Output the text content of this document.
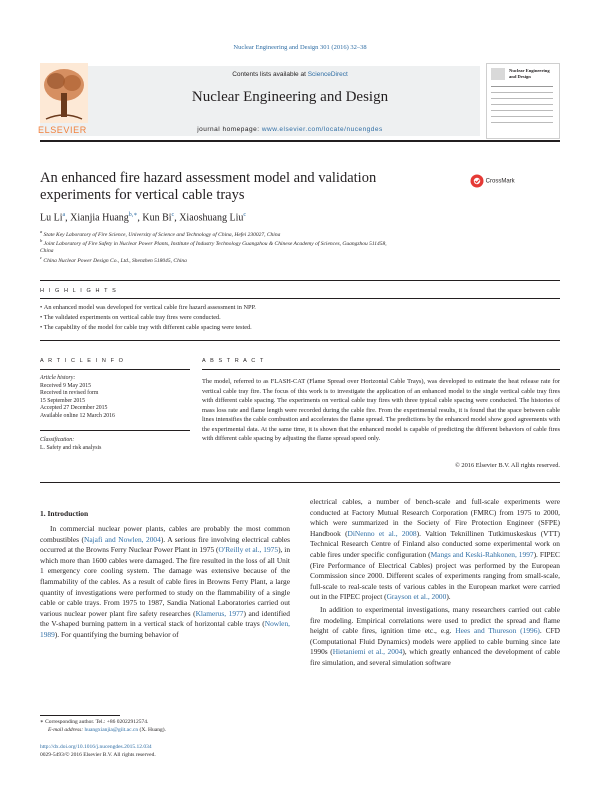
Nuclear Engineering and Design 301 (2016) 32–38
ELSEVIER
Contents lists available at ScienceDirect
Nuclear Engineering and Design
journal homepage: www.elsevier.com/locate/nucengdes
Nuclear Engineering and Design
An enhanced fire hazard assessment model and validation
experiments for vertical cable trays
CrossMark
Lu Li$^a$, Xianjia Huang$^{b,∗}$, Kun Bi$^c$, Xiaoshuang Liu$^c$
$^a$ State Key Laboratory of Fire Science, University of Science and Technology of China, Hefei 230027, China
$^b$ Joint Laboratory of Fire Safety in Nuclear Power Plants, Institute of Industry Technology Guangzhou & Chinese Academy of Sciences, Guangzhou 511458,
China
$^c$ China Nuclear Power Design Co., Ltd., Shenzhen 518045, China
H I G H L I G H T S
• An enhanced model was developed for vertical cable fire hazard assessment in NPP.
• The validated experiments on vertical cable tray fires were conducted.
• The capability of the model for cable tray with different cable spacing were tested.
A R T I C L E I N F O
Article history:
Received 9 May 2015
Received in revised form
15 September 2015
Accepted 27 December 2015
Available online 12 March 2016
Classification:
L. Safety and risk analysis
A B S T R A C T
The model, referred to as FLASH-CAT (Flame Spread over Horizontal Cable Trays), was developed to estimate the heat release rate for vertical cable tray fire. The focus of this work is to investigate the application of an enhanced model to the single vertical cable tray fires with different cable spacing. The experiments on vertical cable tray fires with three typical cable spacing were conducted. The histories of mass loss rate and flame length were recorded during the cable fire. From the experimental results, it is found that the space between cable lines intensifies the cable combustion and accelerates the flame spread. The predictions by the enhanced model show good agreements with the experimental data. At the same time, it is shown that the enhanced model is capable of predicting the different behaviors of cable fires with different cable spacing by adjusting the flame spread speed only.
© 2016 Elsevier B.V. All rights reserved.
1. Introduction

In commercial nuclear power plants, cables are probably the most common combustibles (Najafi and Nowlen, 2004). A serious fire involving electrical cables occurred at the Browns Ferry Nuclear Power Plant in 1975 (O'Reilly et al., 1975), in which more than 1600 cables were damaged. The fire resulted in the loss of all Unit 1 emergency core cooling system. The damage was extensive because of the flammability of the cables. As a result of cable fires in Browns Ferry Plant, a large quantity of investigations were performed to study on the flammability of a single cable or cable trays. From 1975 to 1987, Sandia National Laboratories carried out various nuclear power plant fire safety researches (Klamerus, 1977) and identified the V-shaped burning pattern in a vertical stack of horizontal cable trays (Nowlen, 1989). For quantifying the burning behavior of

electrical cables, a number of bench-scale and full-scale experiments were conducted at Factory Mutual Research Corporation (FMRC) from 1975 to 2000, which were summarized in the Society of Fire Protection Engineer (SFPE) Handbook (DiNenno et al., 2008). Valtion Teknillinen Tutkimuskeskus (VTT) Technical Research Centre of Finland also conducted some experimental work on cable fires under specific configuration (Mangs and Keski-Rahkonen, 1997). FIPEC (Fire Performance of Electrical Cables) project was performed by the European Commission since 2000. Different scales of experiments ranging from small-scale, full-scale to real-scale tests of various cables in the European market were carried out in the FIPEC project (Grayson et al., 2000).

In addition to experimental investigations, many researchers carried out cable fire modeling. Empirical correlations were used to predict the spread and flame height of cable fires, ignition time etc., e.g. Hees and Thureson (1996). CFD (Computational Fluid Dynamics) models were applied to cable burning since late 1990s (Hietaniemi et al., 2004), which greatly enhanced the development of cable fire simulation, and several simulation software

∗ Corresponding author. Tel.: +86 02022912574.
E-mail address: huangxianjia@giit.ac.cn (X. Huang).
http://dx.doi.org/10.1016/j.nucengdes.2015.12.034
0029-5493/© 2016 Elsevier B.V. All rights reserved.
